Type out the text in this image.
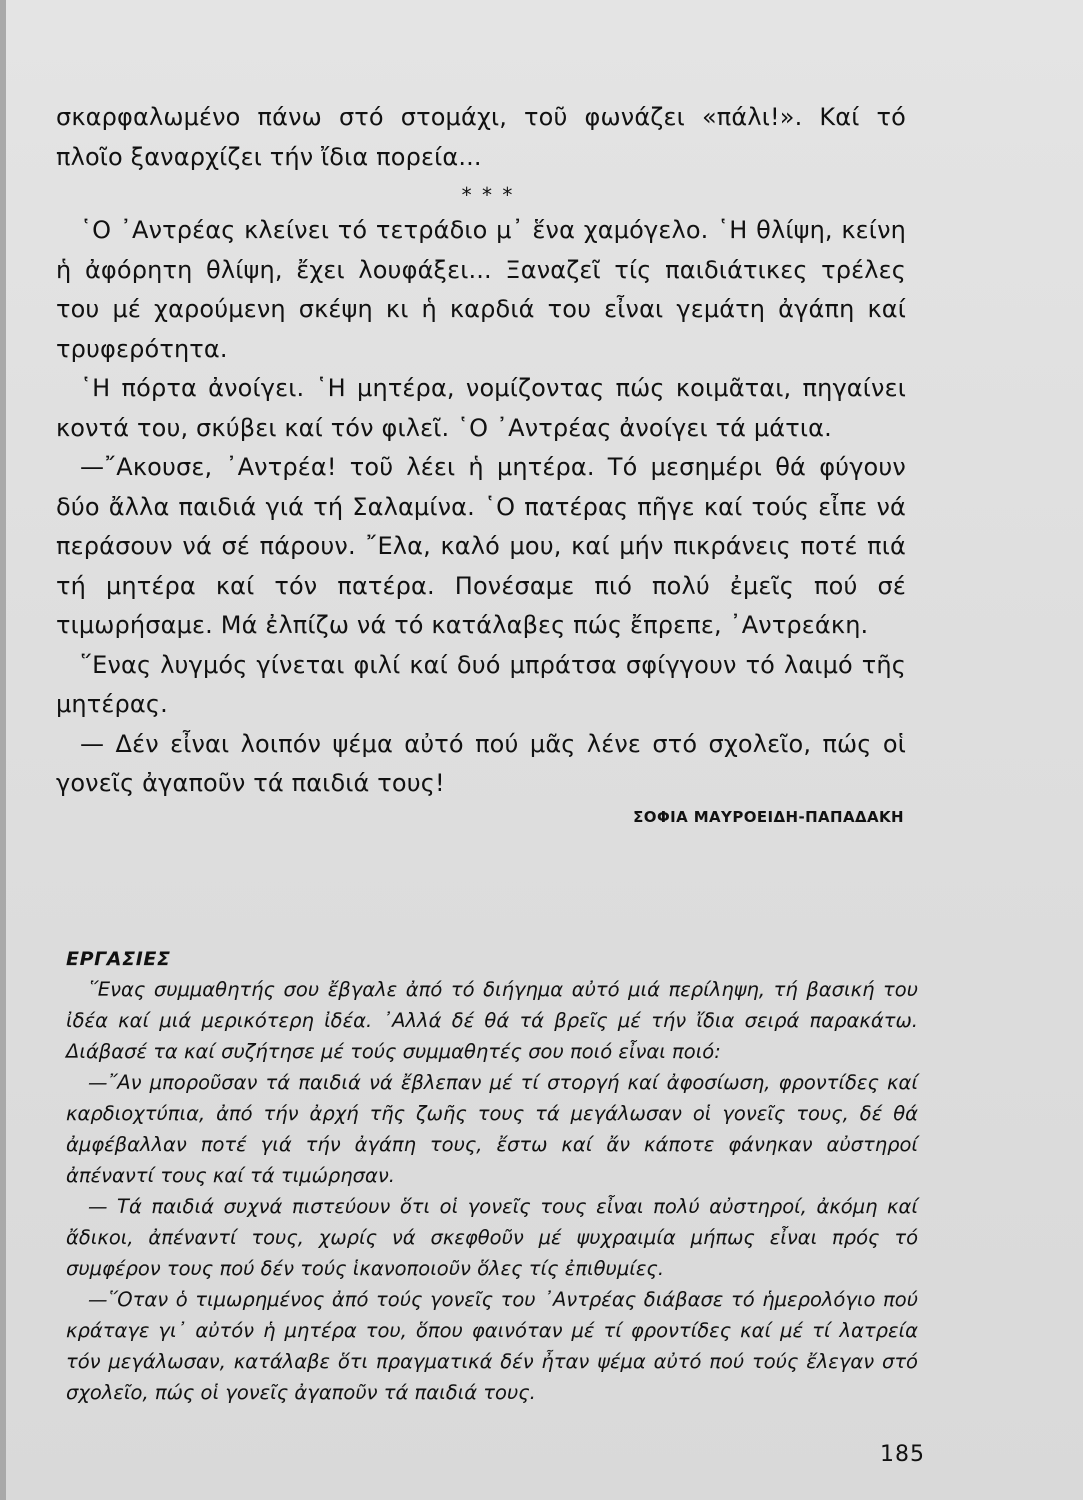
σκαρφαλωμένο πάνω στό στομάχι, τοῦ φωνάζει «πάλι!». Καί τό πλοῖο ξαναρχίζει τήν ἴδια πορεία...

* * *

῾Ο ᾽Αντρέας κλείνει τό τετράδιο μ᾽ ἕνα χαμόγελο. ῾Η θλίψη, κείνη ἡ ἀφόρητη θλίψη, ἔχει λουφάξει... Ξαναζεῖ τίς παιδιάτικες τρέλες του μέ χαρούμενη σκέψη κι ἡ καρδιά του εἶναι γεμάτη ἀγάπη καί τρυφερότητα.

῾Η πόρτα ἀνοίγει. ῾Η μητέρα, νομίζοντας πώς κοιμᾶται, πηγαίνει κοντά του, σκύβει καί τόν φιλεῖ. ῾Ο ᾽Αντρέας ἀνοίγει τά μάτια.

—῎Ακουσε, ᾽Αντρέα! τοῦ λέει ἡ μητέρα. Τό μεσημέρι θά φύγουν δύο ἄλλα παιδιά γιά τή Σαλαμίνα. ῾Ο πατέρας πῆγε καί τούς εἶπε νά περάσουν νά σέ πάρουν. ῎Ελα, καλό μου, καί μήν πικράνεις ποτέ πιά τή μητέρα καί τόν πατέρα. Πονέσαμε πιό πολύ ἐμεῖς πού σέ τιμωρήσαμε. Μά ἐλπίζω νά τό κατάλαβες πώς ἔπρεπε, ᾽Αντρεάκη.

῞Ενας λυγμός γίνεται φιλί καί δυό μπράτσα σφίγγουν τό λαιμό τῆς μητέρας.

— Δέν εἶναι λοιπόν ψέμα αὐτό πού μᾶς λένε στό σχολεῖο, πώς οἱ γονεῖς ἀγαποῦν τά παιδιά τους!

ΣΟΦΙΑ ΜΑΥΡΟΕΙΔΗ-ΠΑΠΑΔΑΚΗ
ΕΡΓΑΣΙΕΣ

῞Ενας συμμαθητής σου ἔβγαλε ἀπό τό διήγημα αὐτό μιά περίληψη, τή βασική του ἰδέα καί μιά μερικότερη ἰδέα. ᾽Αλλά δέ θά τά βρεῖς μέ τήν ἴδια σειρά παρακάτω. Διάβασέ τα καί συζήτησε μέ τούς συμμαθητές σου ποιό εἶναι ποιό:

—῎Αν μποροῦσαν τά παιδιά νά ἔβλεπαν μέ τί στοργή καί ἀφοσίωση, φροντίδες καί καρδιοχτύπια, ἀπό τήν ἀρχή τῆς ζωῆς τους τά μεγάλωσαν οἱ γονεῖς τους, δέ θά ἀμφέβαλλαν ποτέ γιά τήν ἀγάπη τους, ἔστω καί ἄν κάποτε φάνηκαν αὐστηροί ἀπέναντί τους καί τά τιμώρησαν.

— Τά παιδιά συχνά πιστεύουν ὅτι οἱ γονεῖς τους εἶναι πολύ αὐστηροί, ἀκόμη καί ἄδικοι, ἀπέναντί τους, χωρίς νά σκεφθοῦν μέ ψυχραιμία μήπως εἶναι πρός τό συμφέρον τους πού δέν τούς ἱκανοποιοῦν ὅλες τίς ἐπιθυμίες.

—῞Οταν ὁ τιμωρημένος ἀπό τούς γονεῖς του ᾽Αντρέας διάβασε τό ἡμερολόγιο πού κράταγε γι᾽ αὐτόν ἡ μητέρα του, ὅπου φαινόταν μέ τί φροντίδες καί μέ τί λατρεία τόν μεγάλωσαν, κατάλαβε ὅτι πραγματικά δέν ἦταν ψέμα αὐτό πού τούς ἔλεγαν στό σχολεῖο, πώς οἱ γονεῖς ἀγαποῦν τά παιδιά τους.

185
